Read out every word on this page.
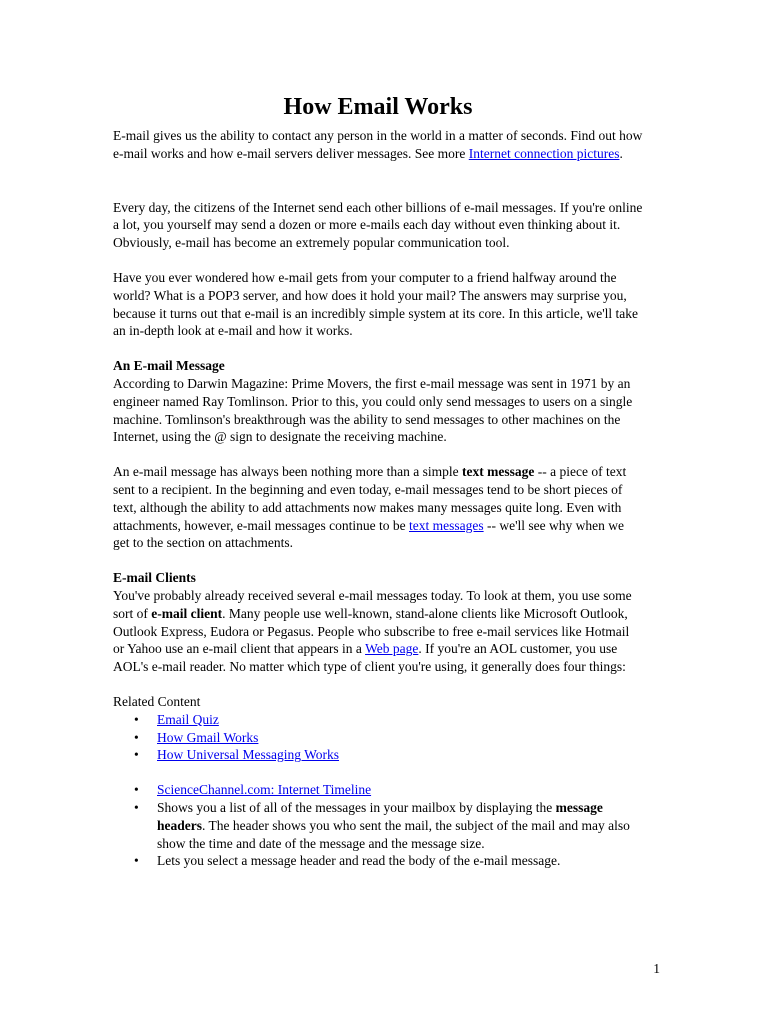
How Email Works

E-mail gives us the ability to contact any person in the world in a matter of seconds. Find out how e-mail works and how e-mail servers deliver messages. See more Internet connection pictures.

Every day, the citizens of the Internet send each other billions of e-mail messages. If you're online a lot, you yourself may send a dozen or more e-mails each day without even thinking about it. Obviously, e-mail has become an extremely popular communication tool.

Have you ever wondered how e-mail gets from your computer to a friend halfway around the world? What is a POP3 server, and how does it hold your mail? The answers may surprise you, because it turns out that e-mail is an incredibly simple system at its core. In this article, we'll take an in-depth look at e-mail and how it works.

An E-mail Message

According to Darwin Magazine: Prime Movers, the first e-mail message was sent in 1971 by an engineer named Ray Tomlinson. Prior to this, you could only send messages to users on a single machine. Tomlinson's breakthrough was the ability to send messages to other machines on the Internet, using the @ sign to designate the receiving machine.

An e-mail message has always been nothing more than a simple text message -- a piece of text sent to a recipient. In the beginning and even today, e-mail messages tend to be short pieces of text, although the ability to add attachments now makes many messages quite long. Even with attachments, however, e-mail messages continue to be text messages -- we'll see why when we get to the section on attachments.

E-mail Clients

You've probably already received several e-mail messages today. To look at them, you use some sort of e-mail client. Many people use well-known, stand-alone clients like Microsoft Outlook, Outlook Express, Eudora or Pegasus. People who subscribe to free e-mail services like Hotmail or Yahoo use an e-mail client that appears in a Web page. If you're an AOL customer, you use AOL's e-mail reader. No matter which type of client you're using, it generally does four things:

Related Content

• Email Quiz
• How Gmail Works
• How Universal Messaging Works
• ScienceChannel.com: Internet Timeline
• Shows you a list of all of the messages in your mailbox by displaying the message headers. The header shows you who sent the mail, the subject of the mail and may also show the time and date of the message and the message size.
• Lets you select a message header and read the body of the e-mail message.
1
